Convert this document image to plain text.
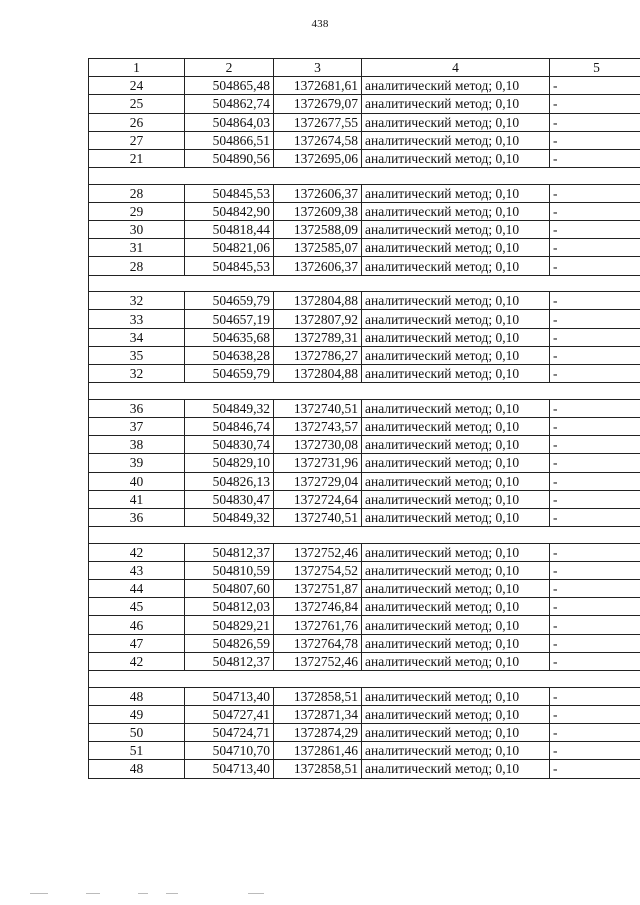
438
1	2	3	4	5
24	504865,48	1372681,61	аналитический метод; 0,10	-
25	504862,74	1372679,07	аналитический метод; 0,10	-
26	504864,03	1372677,55	аналитический метод; 0,10	-
27	504866,51	1372674,58	аналитический метод; 0,10	-
21	504890,56	1372695,06	аналитический метод; 0,10	-

28	504845,53	1372606,37	аналитический метод; 0,10	-
29	504842,90	1372609,38	аналитический метод; 0,10	-
30	504818,44	1372588,09	аналитический метод; 0,10	-
31	504821,06	1372585,07	аналитический метод; 0,10	-
28	504845,53	1372606,37	аналитический метод; 0,10	-

32	504659,79	1372804,88	аналитический метод; 0,10	-
33	504657,19	1372807,92	аналитический метод; 0,10	-
34	504635,68	1372789,31	аналитический метод; 0,10	-
35	504638,28	1372786,27	аналитический метод; 0,10	-
32	504659,79	1372804,88	аналитический метод; 0,10	-

36	504849,32	1372740,51	аналитический метод; 0,10	-
37	504846,74	1372743,57	аналитический метод; 0,10	-
38	504830,74	1372730,08	аналитический метод; 0,10	-
39	504829,10	1372731,96	аналитический метод; 0,10	-
40	504826,13	1372729,04	аналитический метод; 0,10	-
41	504830,47	1372724,64	аналитический метод; 0,10	-
36	504849,32	1372740,51	аналитический метод; 0,10	-

42	504812,37	1372752,46	аналитический метод; 0,10	-
43	504810,59	1372754,52	аналитический метод; 0,10	-
44	504807,60	1372751,87	аналитический метод; 0,10	-
45	504812,03	1372746,84	аналитический метод; 0,10	-
46	504829,21	1372761,76	аналитический метод; 0,10	-
47	504826,59	1372764,78	аналитический метод; 0,10	-
42	504812,37	1372752,46	аналитический метод; 0,10	-

48	504713,40	1372858,51	аналитический метод; 0,10	-
49	504727,41	1372871,34	аналитический метод; 0,10	-
50	504724,71	1372874,29	аналитический метод; 0,10	-
51	504710,70	1372861,46	аналитический метод; 0,10	-
48	504713,40	1372858,51	аналитический метод; 0,10	-
